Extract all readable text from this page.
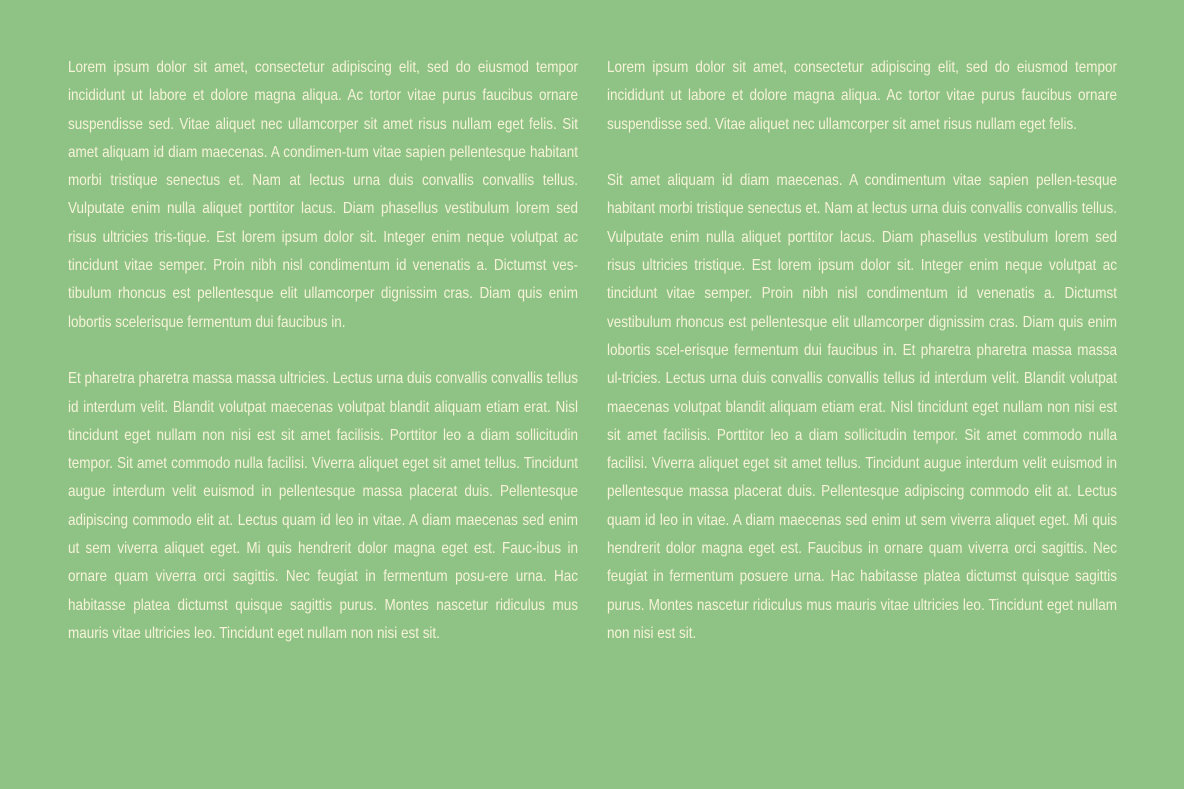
Lorem ipsum dolor sit amet, consectetur adipiscing elit, sed do eiusmod tempor incididunt ut labore et dolore magna aliqua. Ac tortor vitae purus faucibus ornare suspendisse sed. Vitae aliquet nec ullamcorper sit amet risus nullam eget felis. Sit amet aliquam id diam maecenas. A condimen-tum vitae sapien pellentesque habitant morbi tristique senectus et. Nam at lectus urna duis convallis convallis tellus. Vulputate enim nulla aliquet porttitor lacus. Diam phasellus vestibulum lorem sed risus ultricies tris-tique. Est lorem ipsum dolor sit. Integer enim neque volutpat ac tincidunt vitae semper. Proin nibh nisl condimentum id venenatis a. Dictumst ves-tibulum rhoncus est pellentesque elit ullamcorper dignissim cras. Diam quis enim lobortis scelerisque fermentum dui faucibus in.

Et pharetra pharetra massa massa ultricies. Lectus urna duis convallis convallis tellus id interdum velit. Blandit volutpat maecenas volutpat blandit aliquam etiam erat. Nisl tincidunt eget nullam non nisi est sit amet facilisis. Porttitor leo a diam sollicitudin tempor. Sit amet commodo nulla facilisi. Viverra aliquet eget sit amet tellus. Tincidunt augue interdum velit euismod in pellentesque massa placerat duis. Pellentesque adipiscing commodo elit at. Lectus quam id leo in vitae. A diam maecenas sed enim ut sem viverra aliquet eget. Mi quis hendrerit dolor magna eget est. Fauc-ibus in ornare quam viverra orci sagittis. Nec feugiat in fermentum posu-ere urna. Hac habitasse platea dictumst quisque sagittis purus. Montes nascetur ridiculus mus mauris vitae ultricies leo. Tincidunt eget nullam non nisi est sit.

Lorem ipsum dolor sit amet, consectetur adipiscing elit, sed do eiusmod tempor incididunt ut labore et dolore magna aliqua. Ac tortor vitae purus faucibus ornare suspendisse sed. Vitae aliquet nec ullamcorper sit amet risus nullam eget felis.

Sit amet aliquam id diam maecenas. A condimentum vitae sapien pellen-tesque habitant morbi tristique senectus et. Nam at lectus urna duis convallis convallis tellus. Vulputate enim nulla aliquet porttitor lacus. Diam phasellus vestibulum lorem sed risus ultricies tristique. Est lorem ipsum dolor sit. Integer enim neque volutpat ac tincidunt vitae semper. Proin nibh nisl condimentum id venenatis a. Dictumst vestibulum rhoncus est pellentesque elit ullamcorper dignissim cras. Diam quis enim lobortis scel-erisque fermentum dui faucibus in. Et pharetra pharetra massa massa ul-tricies. Lectus urna duis convallis convallis tellus id interdum velit. Blandit volutpat maecenas volutpat blandit aliquam etiam erat. Nisl tincidunt eget nullam non nisi est sit amet facilisis. Porttitor leo a diam sollicitudin tempor. Sit amet commodo nulla facilisi. Viverra aliquet eget sit amet tellus. Tincidunt augue interdum velit euismod in pellentesque massa placerat duis. Pellentesque adipiscing commodo elit at. Lectus quam id leo in vitae. A diam maecenas sed enim ut sem viverra aliquet eget. Mi quis hendrerit dolor magna eget est. Faucibus in ornare quam viverra orci sagittis. Nec feugiat in fermentum posuere urna. Hac habitasse platea dictumst quisque sagittis purus. Montes nascetur ridiculus mus mauris vitae ultricies leo. Tincidunt eget nullam non nisi est sit.
